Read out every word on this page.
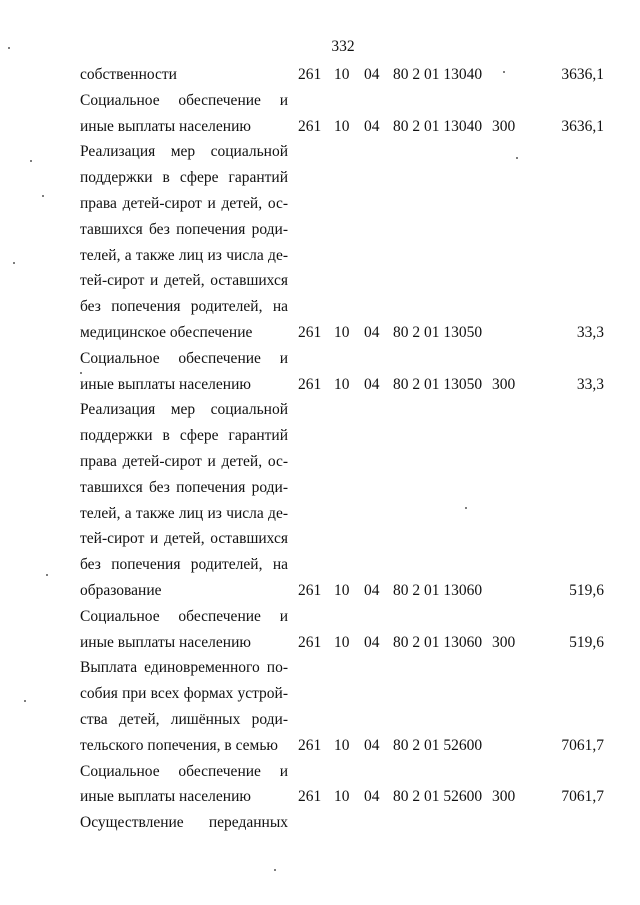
332
собственности	261 10 04 80 2 01 13040	3636,1
Социальное обеспечение и
иные выплаты населению	261 10 04 80 2 01 13040 300	3636,1
Реализация мер социальной
поддержки в сфере гарантий
права детей-сирот и детей, ос-
тавшихся без попечения роди-
телей, а также лиц из числа де-
тей-сирот и детей, оставшихся
без попечения родителей, на
медицинское обеспечение	261 10 04 80 2 01 13050	33,3
Социальное обеспечение и
иные выплаты населению	261 10 04 80 2 01 13050 300	33,3
Реализация мер социальной
поддержки в сфере гарантий
права детей-сирот и детей, ос-
тавшихся без попечения роди-
телей, а также лиц из числа де-
тей-сирот и детей, оставшихся
без попечения родителей, на
образование	261 10 04 80 2 01 13060	519,6
Социальное обеспечение и
иные выплаты населению	261 10 04 80 2 01 13060 300	519,6
Выплата единовременного по-
собия при всех формах устрой-
ства детей, лишённых роди-
тельского попечения, в семью	261 10 04 80 2 01 52600	7061,7
Социальное обеспечение и
иные выплаты населению	261 10 04 80 2 01 52600 300	7061,7
Осуществление переданных
